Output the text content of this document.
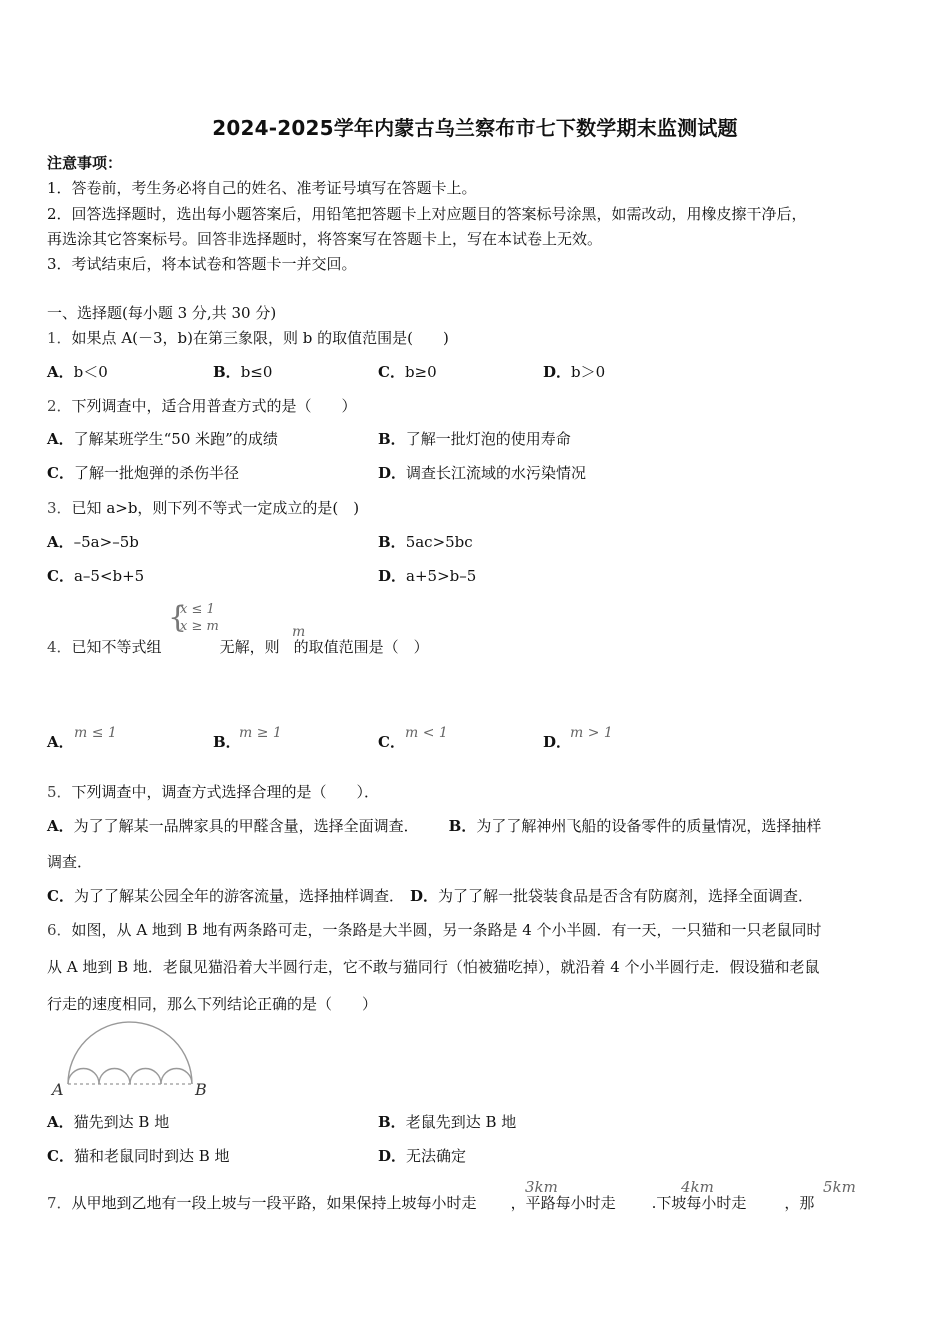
2024-2025学年内蒙古乌兰察布市七下数学期末监测试题
注意事项：
1．答卷前，考生务必将自己的姓名、准考证号填写在答题卡上。
2．回答选择题时，选出每小题答案后，用铅笔把答题卡上对应题目的答案标号涂黑，如需改动，用橡皮擦干净后，
再选涂其它答案标号。回答非选择题时，将答案写在答题卡上，写在本试卷上无效。
3．考试结束后，将本试卷和答题卡一并交回。
一、选择题(每小题 3 分,共 30 分)
1．如果点 A(－3，b)在第三象限，则 b 的取值范围是(　　)
A．b＜0	B．b≤0	C．b≥0	D．b＞0
2．下列调查中，适合用普查方式的是（　　）
A．了解某班学生“50 米跑”的成绩	B．了解一批灯泡的使用寿命
C．了解一批炮弹的杀伤半径	D．调查长江流域的水污染情况
3．已知 a>b，则下列不等式一定成立的是(　)
A．–5a>–5b	B．5ac>5bc
C．a–5<b+5	D．a+5>b–5
{
x ≤ 1
x ≥ m
4．已知不等式组	无解，则 的取值范围是（　）
m
A． m ≤ 1	B．
m ≥ 1	C． m < 1	D．
m > 1
5．下列调查中，调查方式选择合理的是（　　）．
A．为了了解某一品牌家具的甲醛含量，选择全面调查． B．为了了解神州飞船的设备零件的质量情况，选择抽样
调查．
C．为了了解某公园全年的游客流量，选择抽样调查． D．为了了解一批袋装食品是否含有防腐剂，选择全面调查．
6．如图，从 A 地到 B 地有两条路可走，一条路是大半圆，另一条路是 4 个小半圆．有一天，一只猫和一只老鼠同时
从 A 地到 B 地．老鼠见猫沿着大半圆行走，它不敢与猫同行（怕被猫吃掉），就沿着 4 个小半圆行走．假设猫和老鼠
行走的速度相同，那么下列结论正确的是（　　）
A	B
A．猫先到达 B 地	B．老鼠先到达 B 地
C．猫和老鼠同时到达 B 地	D．无法确定
7．从甲地到乙地有一段上坡与一段平路，如果保持上坡每小时走 ，平路每小时走 .下坡每小时走	，那
3km	4km	5km
